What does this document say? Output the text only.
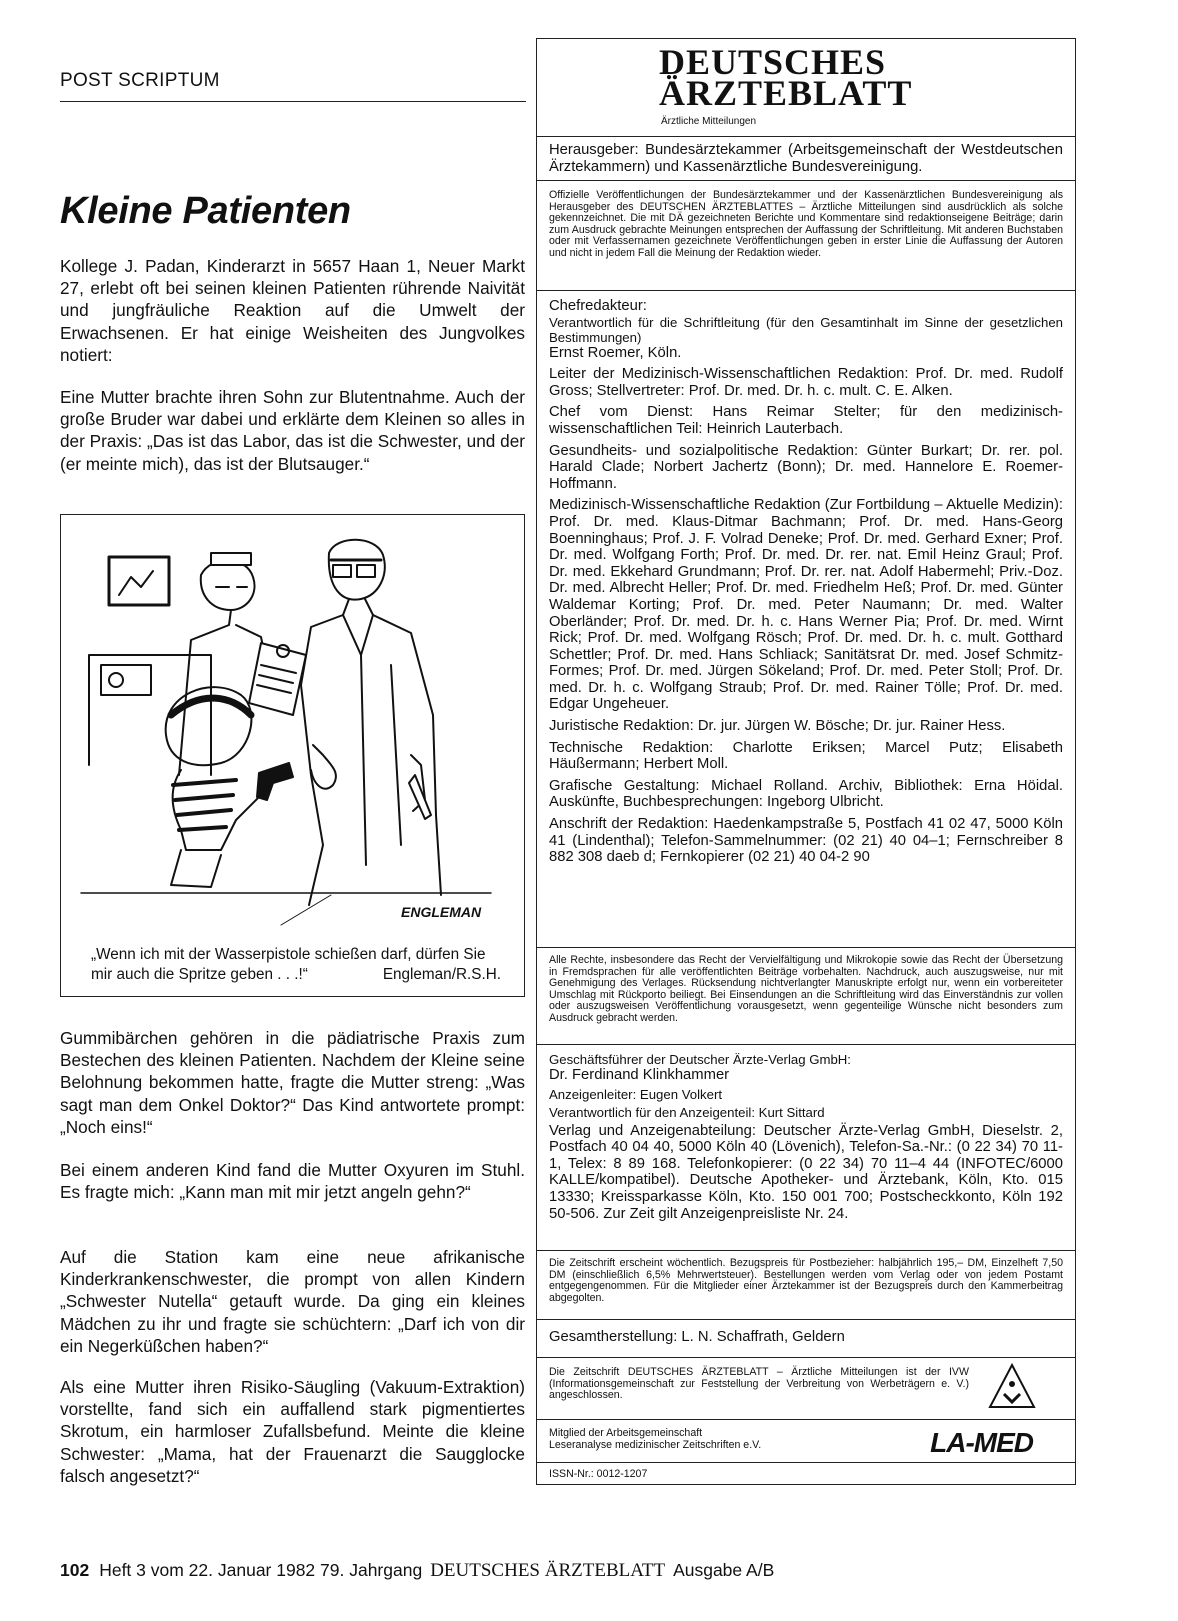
POST SCRIPTUM
Kleine Patienten

Kollege J. Padan, Kinderarzt in 5657 Haan 1, Neuer Markt 27, erlebt oft bei seinen kleinen Patienten rührende Naivität und jungfräuliche Reaktion auf die Umwelt der Erwachsenen. Er hat einige Weisheiten des Jungvolkes notiert:

Eine Mutter brachte ihren Sohn zur Blutentnahme. Auch der große Bruder war dabei und erklärte dem Kleinen so alles in der Praxis: „Das ist das Labor, das ist die Schwester, und der (er meinte mich), das ist der Blutsauger.“

ENGLEMAN
„Wenn ich mit der Wasserpistole schießen darf, dürfen Sie mir auch die Spritze geben . . .!“	Engleman/R.S.H.

Gummibärchen gehören in die pädiatrische Praxis zum Bestechen des kleinen Patienten. Nachdem der Kleine seine Belohnung bekommen hatte, fragte die Mutter streng: „Was sagt man dem Onkel Doktor?“ Das Kind antwortete prompt: „Noch eins!“

Bei einem anderen Kind fand die Mutter Oxyuren im Stuhl. Es fragte mich: „Kann man mit mir jetzt angeln gehn?“

Auf die Station kam eine neue afrikanische Kinderkrankenschwester, die prompt von allen Kindern „Schwester Nutella“ getauft wurde. Da ging ein kleines Mädchen zu ihr und fragte sie schüchtern: „Darf ich von dir ein Negerküßchen haben?“

Als eine Mutter ihren Risiko-Säugling (Vakuum-Extraktion) vorstellte, fand sich ein auffallend stark pigmentiertes Skrotum, ein harmloser Zufallsbefund. Meinte die kleine Schwester: „Mama, hat der Frauenarzt die Saugglocke falsch angesetzt?“

DEUTSCHES
ÄRZTEBLATT
Ärztliche Mitteilungen

Herausgeber: Bundesärztekammer (Arbeitsgemeinschaft der Westdeutschen Ärztekammern) und Kassenärztliche Bundesvereinigung.

Offizielle Veröffentlichungen der Bundesärztekammer und der Kassenärztlichen Bundesvereinigung als Herausgeber des DEUTSCHEN ÄRZTEBLATTES – Ärztliche Mitteilungen sind ausdrücklich als solche gekennzeichnet. Die mit DÄ gezeichneten Berichte und Kommentare sind redaktionseigene Beiträge; darin zum Ausdruck gebrachte Meinungen entsprechen der Auffassung der Schriftleitung. Mit anderen Buchstaben oder mit Verfassernamen gezeichnete Veröffentlichungen geben in erster Linie die Auffassung der Autoren und nicht in jedem Fall die Meinung der Redaktion wieder.

Chefredakteur:
Verantwortlich für die Schriftleitung (für den Gesamtinhalt im Sinne der gesetzlichen Bestimmungen)
Ernst Roemer, Köln.
Leiter der Medizinisch-Wissenschaftlichen Redaktion: Prof. Dr. med. Rudolf Gross; Stellvertreter: Prof. Dr. med. Dr. h. c. mult. C. E. Alken.
Chef vom Dienst: Hans Reimar Stelter; für den medizinisch-wissenschaftlichen Teil: Heinrich Lauterbach.
Gesundheits- und sozialpolitische Redaktion: Günter Burkart; Dr. rer. pol. Harald Clade; Norbert Jachertz (Bonn); Dr. med. Hannelore E. Roemer-Hoffmann.
Medizinisch-Wissenschaftliche Redaktion (Zur Fortbildung – Aktuelle Medizin): Prof. Dr. med. Klaus-Ditmar Bachmann; Prof. Dr. med. Hans-Georg Boenninghaus; Prof. J. F. Volrad Deneke; Prof. Dr. med. Gerhard Exner; Prof. Dr. med. Wolfgang Forth; Prof. Dr. med. Dr. rer. nat. Emil Heinz Graul; Prof. Dr. med. Ekkehard Grundmann; Prof. Dr. rer. nat. Adolf Habermehl; Priv.-Doz. Dr. med. Albrecht Heller; Prof. Dr. med. Friedhelm Heß; Prof. Dr. med. Günter Waldemar Korting; Prof. Dr. med. Peter Naumann; Dr. med. Walter Oberländer; Prof. Dr. med. Dr. h. c. Hans Werner Pia; Prof. Dr. med. Wirnt Rick; Prof. Dr. med. Wolfgang Rösch; Prof. Dr. med. Dr. h. c. mult. Gotthard Schettler; Prof. Dr. med. Hans Schliack; Sanitätsrat Dr. med. Josef Schmitz-Formes; Prof. Dr. med. Jürgen Sökeland; Prof. Dr. med. Peter Stoll; Prof. Dr. med. Dr. h. c. Wolfgang Straub; Prof. Dr. med. Rainer Tölle; Prof. Dr. med. Edgar Ungeheuer.
Juristische Redaktion: Dr. jur. Jürgen W. Bösche; Dr. jur. Rainer Hess.
Technische Redaktion: Charlotte Eriksen; Marcel Putz; Elisabeth Häußermann; Herbert Moll.
Grafische Gestaltung: Michael Rolland. Archiv, Bibliothek: Erna Höidal. Auskünfte, Buchbesprechungen: Ingeborg Ulbricht.
Anschrift der Redaktion: Haedenkampstraße 5, Postfach 41 02 47, 5000 Köln 41 (Lindenthal); Telefon-Sammelnummer: (02 21) 40 04–1; Fernschreiber 8 882 308 daeb d; Fernkopierer (02 21) 40 04-2 90

Alle Rechte, insbesondere das Recht der Vervielfältigung und Mikrokopie sowie das Recht der Übersetzung in Fremdsprachen für alle veröffentlichten Beiträge vorbehalten. Nachdruck, auch auszugsweise, nur mit Genehmigung des Verlages. Rücksendung nichtverlangter Manuskripte erfolgt nur, wenn ein vorbereiteter Umschlag mit Rückporto beiliegt. Bei Einsendungen an die Schriftleitung wird das Einverständnis zur vollen oder auszugsweisen Veröffentlichung vorausgesetzt, wenn gegenteilige Wünsche nicht besonders zum Ausdruck gebracht werden.

Geschäftsführer der Deutscher Ärzte-Verlag GmbH:
Dr. Ferdinand Klinkhammer
Anzeigenleiter: Eugen Volkert
Verantwortlich für den Anzeigenteil: Kurt Sittard
Verlag und Anzeigenabteilung: Deutscher Ärzte-Verlag GmbH, Dieselstr. 2, Postfach 40 04 40, 5000 Köln 40 (Lövenich), Telefon-Sa.-Nr.: (0 22 34) 70 11-1, Telex: 8 89 168. Telefonkopierer: (0 22 34) 70 11–4 44 (INFOTEC/6000 KALLE/kompatibel). Deutsche Apotheker- und Ärztebank, Köln, Kto. 015 13330; Kreissparkasse Köln, Kto. 150 001 700; Postscheckkonto, Köln 192 50-506. Zur Zeit gilt Anzeigenpreisliste Nr. 24.

Die Zeitschrift erscheint wöchentlich. Bezugspreis für Postbezieher: halbjährlich 195,– DM, Einzelheft 7,50 DM (einschließlich 6,5% Mehrwertsteuer). Bestellungen werden vom Verlag oder von jedem Postamt entgegengenommen. Für die Mitglieder einer Ärztekammer ist der Bezugspreis durch den Kammerbeitrag abgegolten.

Gesamtherstellung: L. N. Schaffrath, Geldern

Die Zeitschrift DEUTSCHES ÄRZTEBLATT – Ärztliche Mitteilungen ist der IVW (Informationsgemeinschaft zur Feststellung der Verbreitung von Werbeträgern e. V.) angeschlossen.

Mitglied der Arbeitsgemeinschaft
Leseranalyse medizinischer Zeitschriften e.V.	LA-MED

ISSN-Nr.: 0012-1207

102 Heft 3 vom 22. Januar 1982 79. Jahrgang DEUTSCHES ÄRZTEBLATT Ausgabe A/B
